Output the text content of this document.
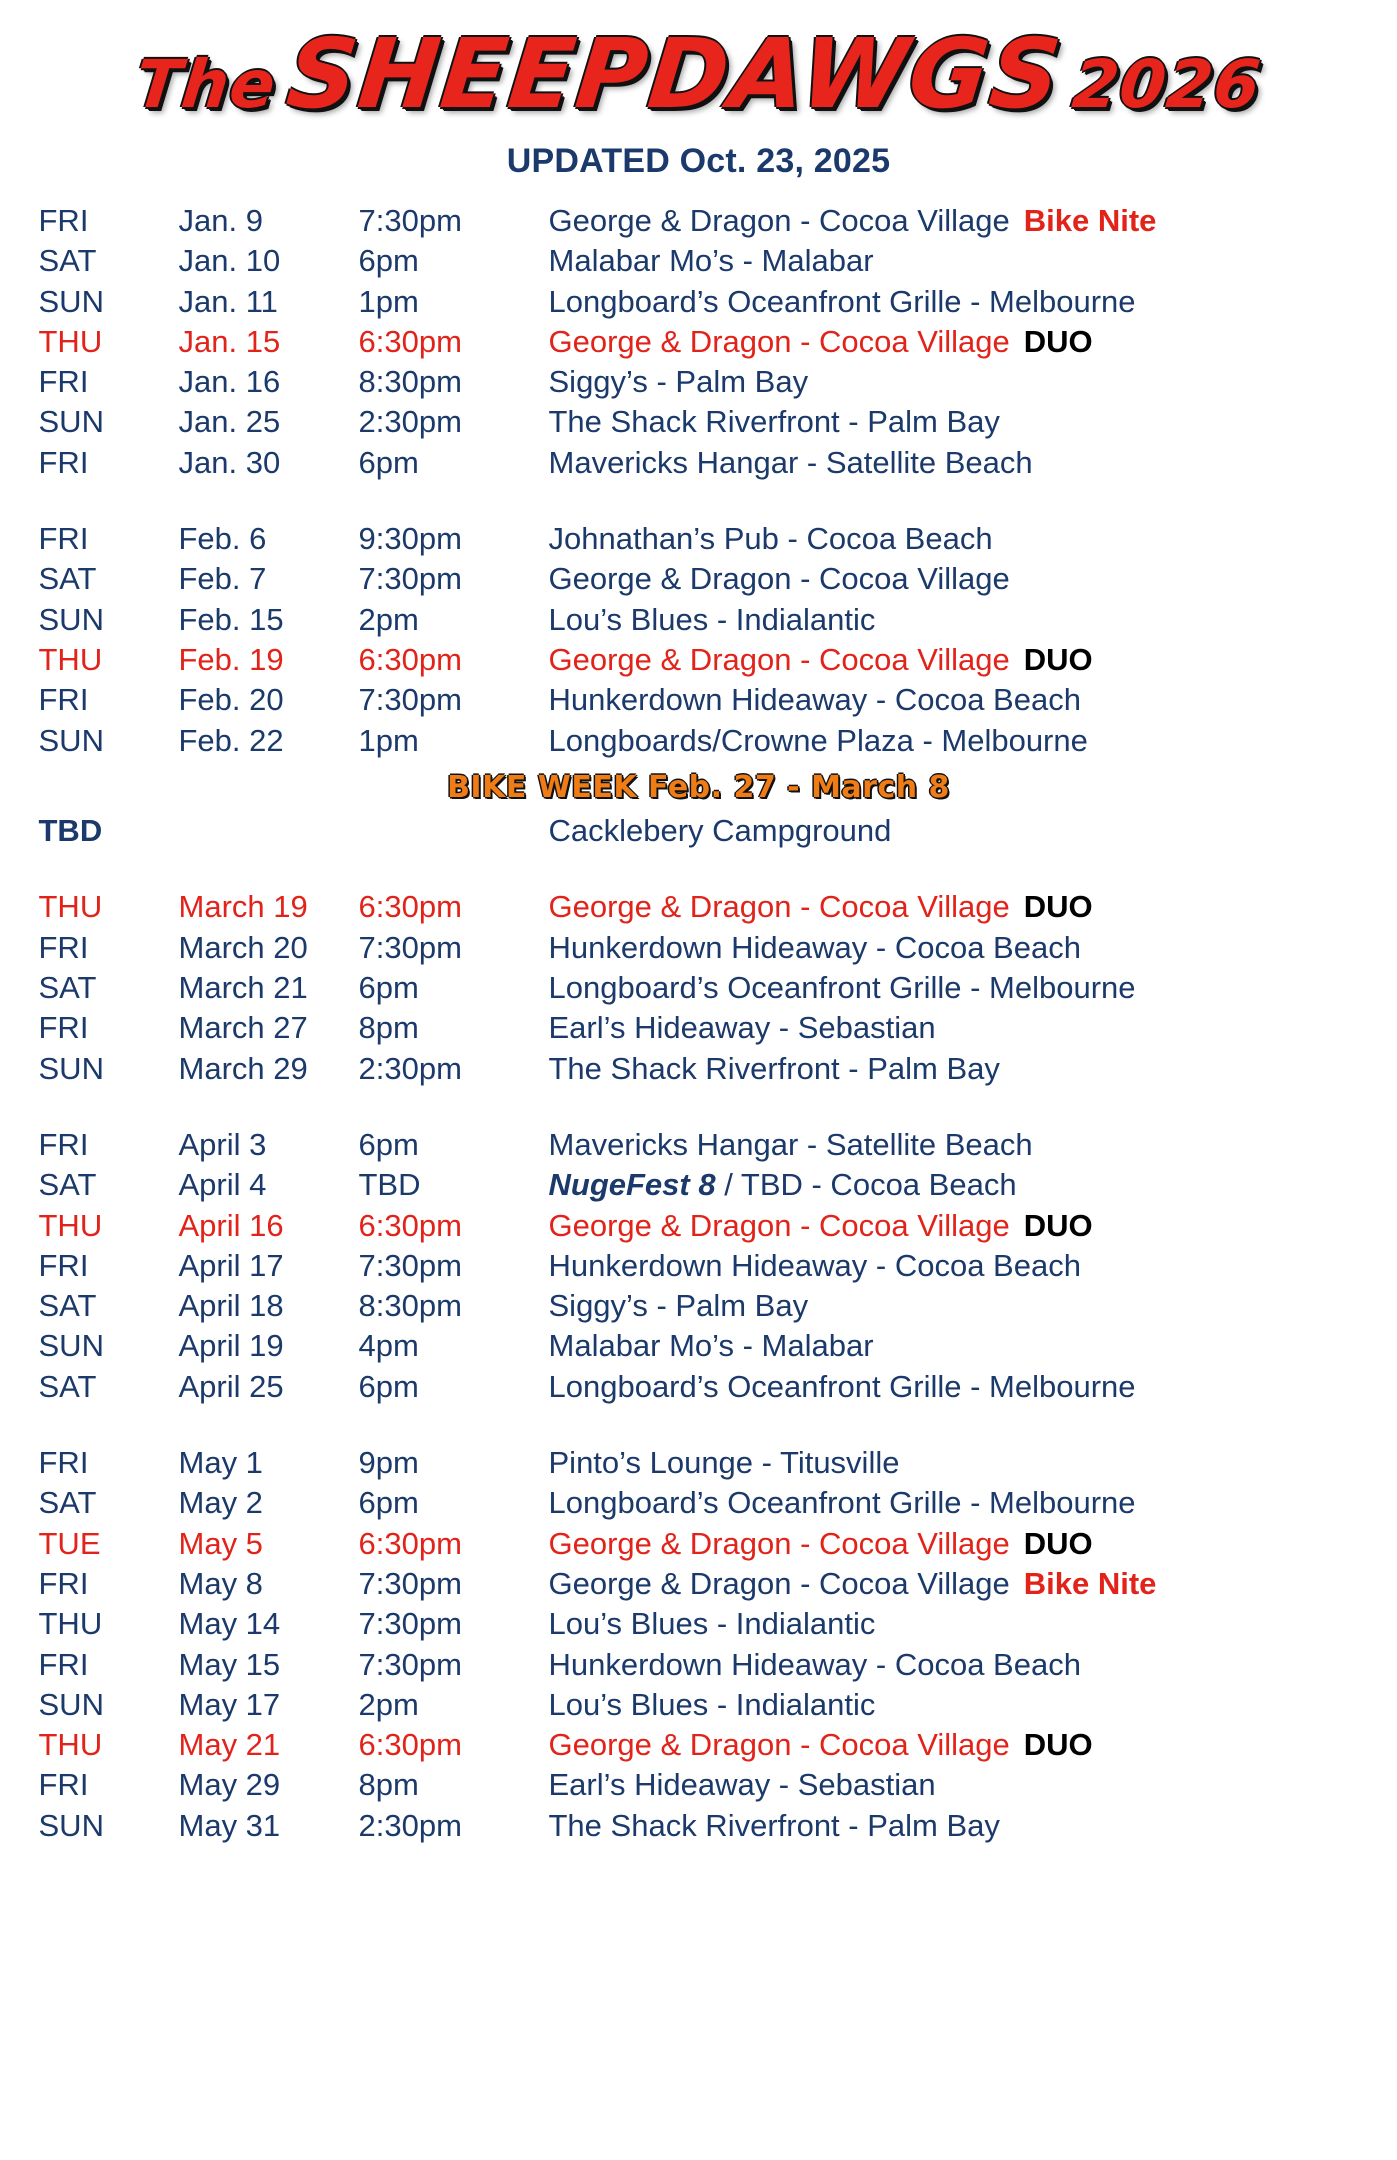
TheSHEEPDAWGS2026
UPDATED Oct. 23, 2025
FRI	Jan. 9	7:30pm	George & Dragon - Cocoa Village Bike Nite
SAT	Jan. 10	6pm	Malabar Mo’s - Malabar
SUN	Jan. 11	1pm	Longboard’s Oceanfront Grille - Melbourne
THU	Jan. 15	6:30pm	George & Dragon - Cocoa Village DUO
FRI	Jan. 16	8:30pm	Siggy’s - Palm Bay
SUN	Jan. 25	2:30pm	The Shack Riverfront - Palm Bay
FRI	Jan. 30	6pm	Mavericks Hangar - Satellite Beach

FRI	Feb. 6	9:30pm	Johnathan’s Pub - Cocoa Beach
SAT	Feb. 7	7:30pm	George & Dragon - Cocoa Village
SUN	Feb. 15	2pm	Lou’s Blues - Indialantic
THU	Feb. 19	6:30pm	George & Dragon - Cocoa Village DUO
FRI	Feb. 20	7:30pm	Hunkerdown Hideaway - Cocoa Beach
SUN	Feb. 22	1pm	Longboards/Crowne Plaza - Melbourne
BIKE WEEK Feb. 27 - March 8			
TBD			Cacklebery Campground

THU	March 19	6:30pm	George & Dragon - Cocoa Village DUO
FRI	March 20	7:30pm	Hunkerdown Hideaway - Cocoa Beach
SAT	March 21	6pm	Longboard’s Oceanfront Grille - Melbourne
FRI	March 27	8pm	Earl’s Hideaway - Sebastian
SUN	March 29	2:30pm	The Shack Riverfront - Palm Bay

FRI	April 3	6pm	Mavericks Hangar - Satellite Beach
SAT	April 4	TBD	NugeFest 8 / TBD - Cocoa Beach
THU	April 16	6:30pm	George & Dragon - Cocoa Village DUO
FRI	April 17	7:30pm	Hunkerdown Hideaway - Cocoa Beach
SAT	April 18	8:30pm	Siggy’s - Palm Bay
SUN	April 19	4pm	Malabar Mo’s - Malabar
SAT	April 25	6pm	Longboard’s Oceanfront Grille - Melbourne

FRI	May 1	9pm	Pinto’s Lounge - Titusville
SAT	May 2	6pm	Longboard’s Oceanfront Grille - Melbourne
TUE	May 5	6:30pm	George & Dragon - Cocoa Village DUO
FRI	May 8	7:30pm	George & Dragon - Cocoa Village Bike Nite
THU	May 14	7:30pm	Lou’s Blues - Indialantic
FRI	May 15	7:30pm	Hunkerdown Hideaway - Cocoa Beach
SUN	May 17	2pm	Lou’s Blues - Indialantic
THU	May 21	6:30pm	George & Dragon - Cocoa Village DUO
FRI	May 29	8pm	Earl’s Hideaway - Sebastian
SUN	May 31	2:30pm	The Shack Riverfront - Palm Bay
